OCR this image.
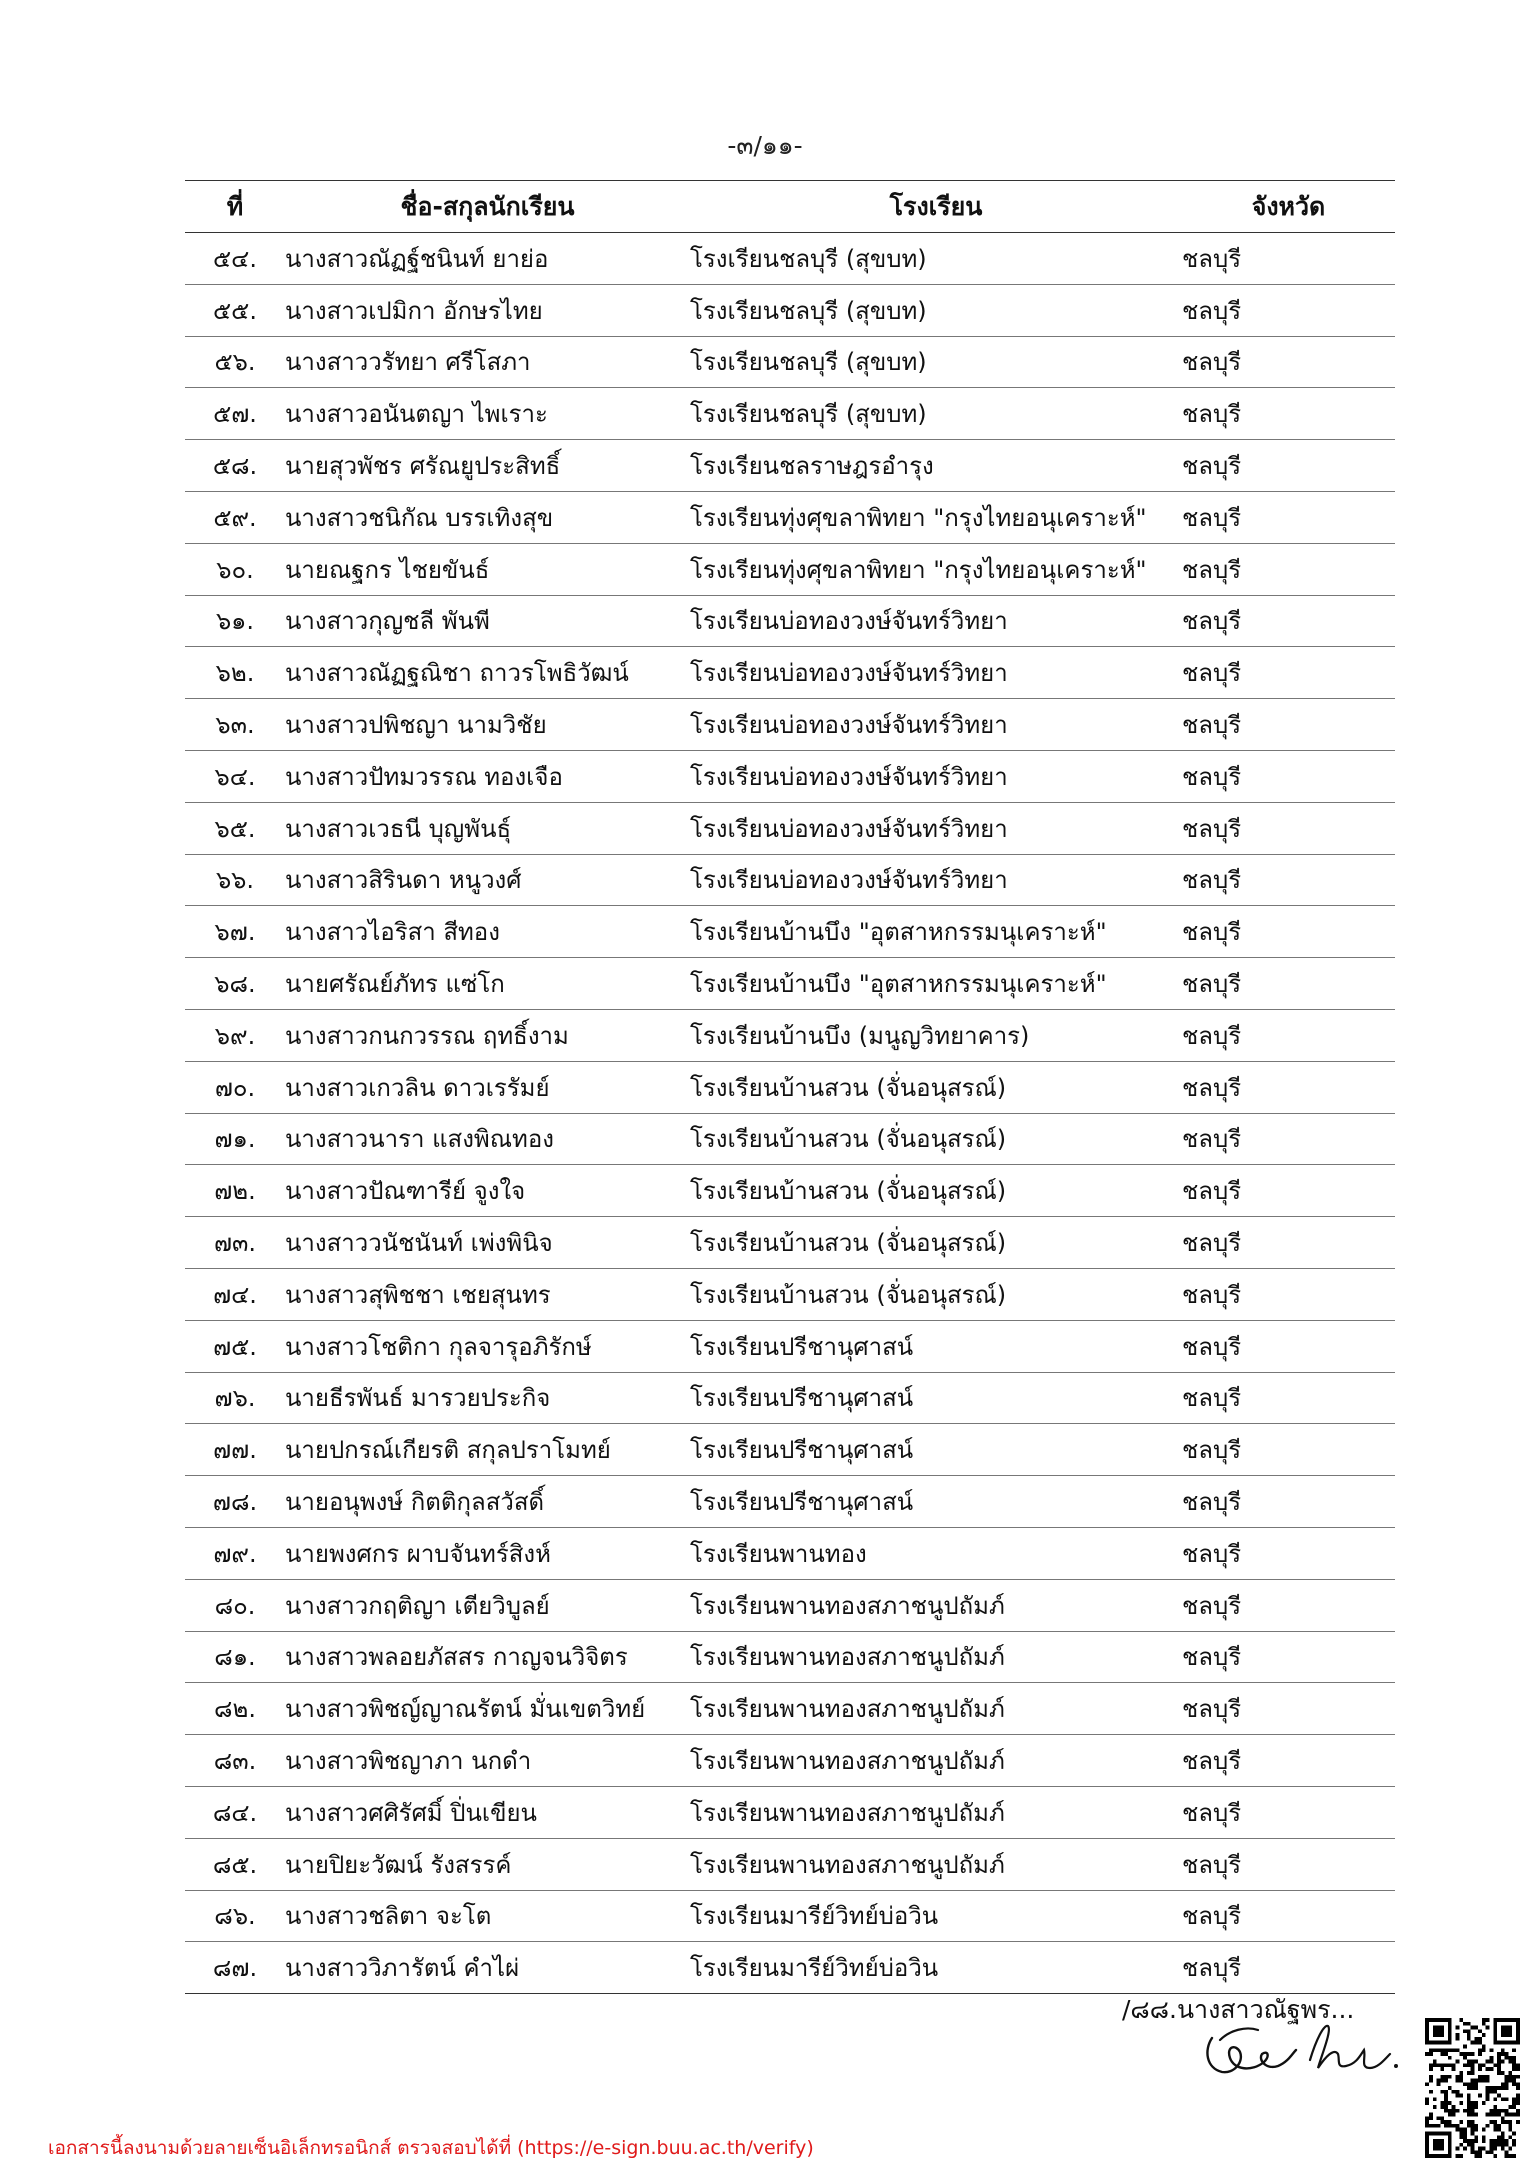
-๓/๑๑-
ที่	ชื่อ-สกุลนักเรียน	โรงเรียน	จังหวัด
๕๔.	นางสาวณัฏฐ์ชนินท์ ยาย่อ	โรงเรียนชลบุรี (สุขบท)	ชลบุรี
๕๕.	นางสาวเปมิกา อักษรไทย	โรงเรียนชลบุรี (สุขบท)	ชลบุรี
๕๖.	นางสาววรัทยา ศรีโสภา	โรงเรียนชลบุรี (สุขบท)	ชลบุรี
๕๗.	นางสาวอนันตญา ไพเราะ	โรงเรียนชลบุรี (สุขบท)	ชลบุรี
๕๘.	นายสุวพัชร ศรัณยูประสิทธิ์	โรงเรียนชลราษฎรอำรุง	ชลบุรี
๕๙.	นางสาวชนิกัณ บรรเทิงสุข	โรงเรียนทุ่งศุขลาพิทยา "กรุงไทยอนุเคราะห์"	ชลบุรี
๖๐.	นายณฐกร ไชยขันธ์	โรงเรียนทุ่งศุขลาพิทยา "กรุงไทยอนุเคราะห์"	ชลบุรี
๖๑.	นางสาวกุญชลี พันพี	โรงเรียนบ่อทองวงษ์จันทร์วิทยา	ชลบุรี
๖๒.	นางสาวณัฏฐณิชา ถาวรโพธิวัฒน์	โรงเรียนบ่อทองวงษ์จันทร์วิทยา	ชลบุรี
๖๓.	นางสาวปพิชญา นามวิชัย	โรงเรียนบ่อทองวงษ์จันทร์วิทยา	ชลบุรี
๖๔.	นางสาวปัทมวรรณ ทองเจือ	โรงเรียนบ่อทองวงษ์จันทร์วิทยา	ชลบุรี
๖๕.	นางสาวเวธนี บุญพันธุ์	โรงเรียนบ่อทองวงษ์จันทร์วิทยา	ชลบุรี
๖๖.	นางสาวสิรินดา หนูวงศ์	โรงเรียนบ่อทองวงษ์จันทร์วิทยา	ชลบุรี
๖๗.	นางสาวไอริสา สีทอง	โรงเรียนบ้านบึง "อุตสาหกรรมนุเคราะห์"	ชลบุรี
๖๘.	นายศรัณย์ภัทร แซ่โก	โรงเรียนบ้านบึง "อุตสาหกรรมนุเคราะห์"	ชลบุรี
๖๙.	นางสาวกนกวรรณ ฤทธิ์งาม	โรงเรียนบ้านบึง (มนูญวิทยาคาร)	ชลบุรี
๗๐.	นางสาวเกวลิน ดาวเรรัมย์	โรงเรียนบ้านสวน (จั่นอนุสรณ์)	ชลบุรี
๗๑.	นางสาวนารา แสงพิณทอง	โรงเรียนบ้านสวน (จั่นอนุสรณ์)	ชลบุรี
๗๒.	นางสาวปัณฑารีย์ จูงใจ	โรงเรียนบ้านสวน (จั่นอนุสรณ์)	ชลบุรี
๗๓.	นางสาววนัชนันท์ เพ่งพินิจ	โรงเรียนบ้านสวน (จั่นอนุสรณ์)	ชลบุรี
๗๔.	นางสาวสุพิชชา เชยสุนทร	โรงเรียนบ้านสวน (จั่นอนุสรณ์)	ชลบุรี
๗๕.	นางสาวโชติกา กุลจารุอภิรักษ์	โรงเรียนปรีชานุศาสน์	ชลบุรี
๗๖.	นายธีรพันธ์ มารวยประกิจ	โรงเรียนปรีชานุศาสน์	ชลบุรี
๗๗.	นายปกรณ์เกียรติ สกุลปราโมทย์	โรงเรียนปรีชานุศาสน์	ชลบุรี
๗๘.	นายอนุพงษ์ กิตติกุลสวัสดิ์	โรงเรียนปรีชานุศาสน์	ชลบุรี
๗๙.	นายพงศกร ผาบจันทร์สิงห์	โรงเรียนพานทอง	ชลบุรี
๘๐.	นางสาวกฤติญา เตียวิบูลย์	โรงเรียนพานทองสภาชนูปถัมภ์	ชลบุรี
๘๑.	นางสาวพลอยภัสสร กาญจนวิจิตร	โรงเรียนพานทองสภาชนูปถัมภ์	ชลบุรี
๘๒.	นางสาวพิชญ์ญาณรัตน์ มั่นเขตวิทย์	โรงเรียนพานทองสภาชนูปถัมภ์	ชลบุรี
๘๓.	นางสาวพิชญาภา นกดำ	โรงเรียนพานทองสภาชนูปถัมภ์	ชลบุรี
๘๔.	นางสาวศศิรัศมิ์ ปิ่นเขียน	โรงเรียนพานทองสภาชนูปถัมภ์	ชลบุรี
๘๕.	นายปิยะวัฒน์ รังสรรค์	โรงเรียนพานทองสภาชนูปถัมภ์	ชลบุรี
๘๖.	นางสาวชลิตา จะโต	โรงเรียนมารีย์วิทย์บ่อวิน	ชลบุรี
๘๗.	นางสาววิภารัตน์ คำไผ่	โรงเรียนมารีย์วิทย์บ่อวิน	ชลบุรี
/๘๘.นางสาวณัฐพร...
เอกสารนี้ลงนามด้วยลายเซ็นอิเล็กทรอนิกส์ ตรวจสอบได้ที่ (https://e-sign.buu.ac.th/verify)
